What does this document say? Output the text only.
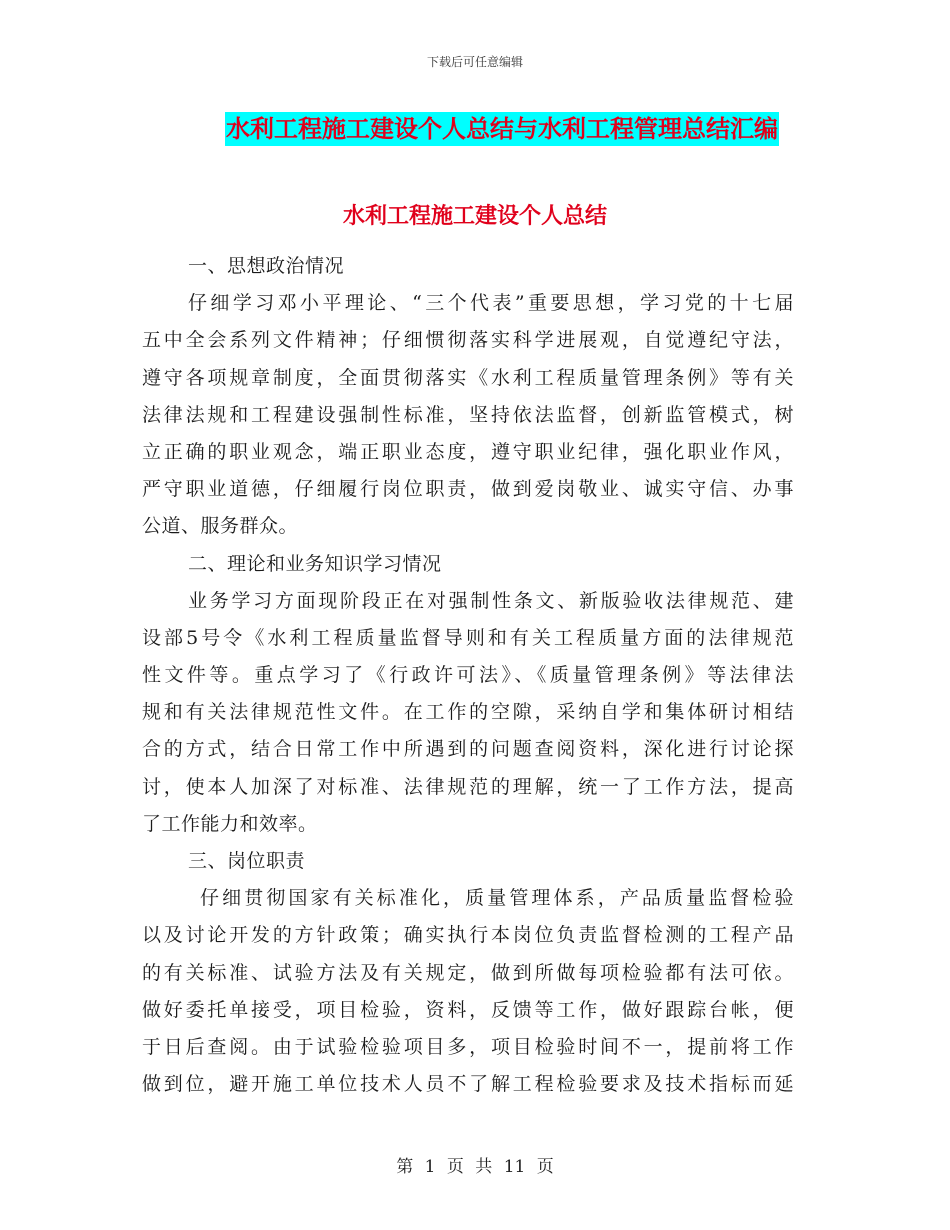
下载后可任意编辑
水利工程施工建设个人总结与水利工程管理总结汇编
水利工程施工建设个人总结
一、思想政治情况
仔细学习邓小平理论、“三个代表”重要思想，学习党的十七届
五中全会系列文件精神；仔细惯彻落实科学进展观，自觉遵纪守法，
遵守各项规章制度，全面贯彻落实《水利工程质量管理条例》等有关
法律法规和工程建设强制性标准，坚持依法监督，创新监管模式，树
立正确的职业观念，端正职业态度，遵守职业纪律，强化职业作风，
严守职业道德，仔细履行岗位职责，做到爱岗敬业、诚实守信、办事
公道、服务群众。
二、理论和业务知识学习情况
业务学习方面现阶段正在对强制性条文、新版验收法律规范、建
设部5号令《水利工程质量监督导则和有关工程质量方面的法律规范
性文件等。重点学习了《行政许可法》、《质量管理条例》等法律法
规和有关法律规范性文件。在工作的空隙，采纳自学和集体研讨相结
合的方式，结合日常工作中所遇到的问题查阅资料，深化进行讨论探
讨，使本人加深了对标准、法律规范的理解，统一了工作方法，提高
了工作能力和效率。
三、岗位职责
仔细贯彻国家有关标准化，质量管理体系，产品质量监督检验
以及讨论开发的方针政策；确实执行本岗位负责监督检测的工程产品
的有关标准、试验方法及有关规定，做到所做每项检验都有法可依。
做好委托单接受，项目检验，资料，反馈等工作，做好跟踪台帐，便
于日后查阅。由于试验检验项目多，项目检验时间不一，提前将工作
做到位，避开施工单位技术人员不了解工程检验要求及技术指标而延
第 1 页 共 11 页
